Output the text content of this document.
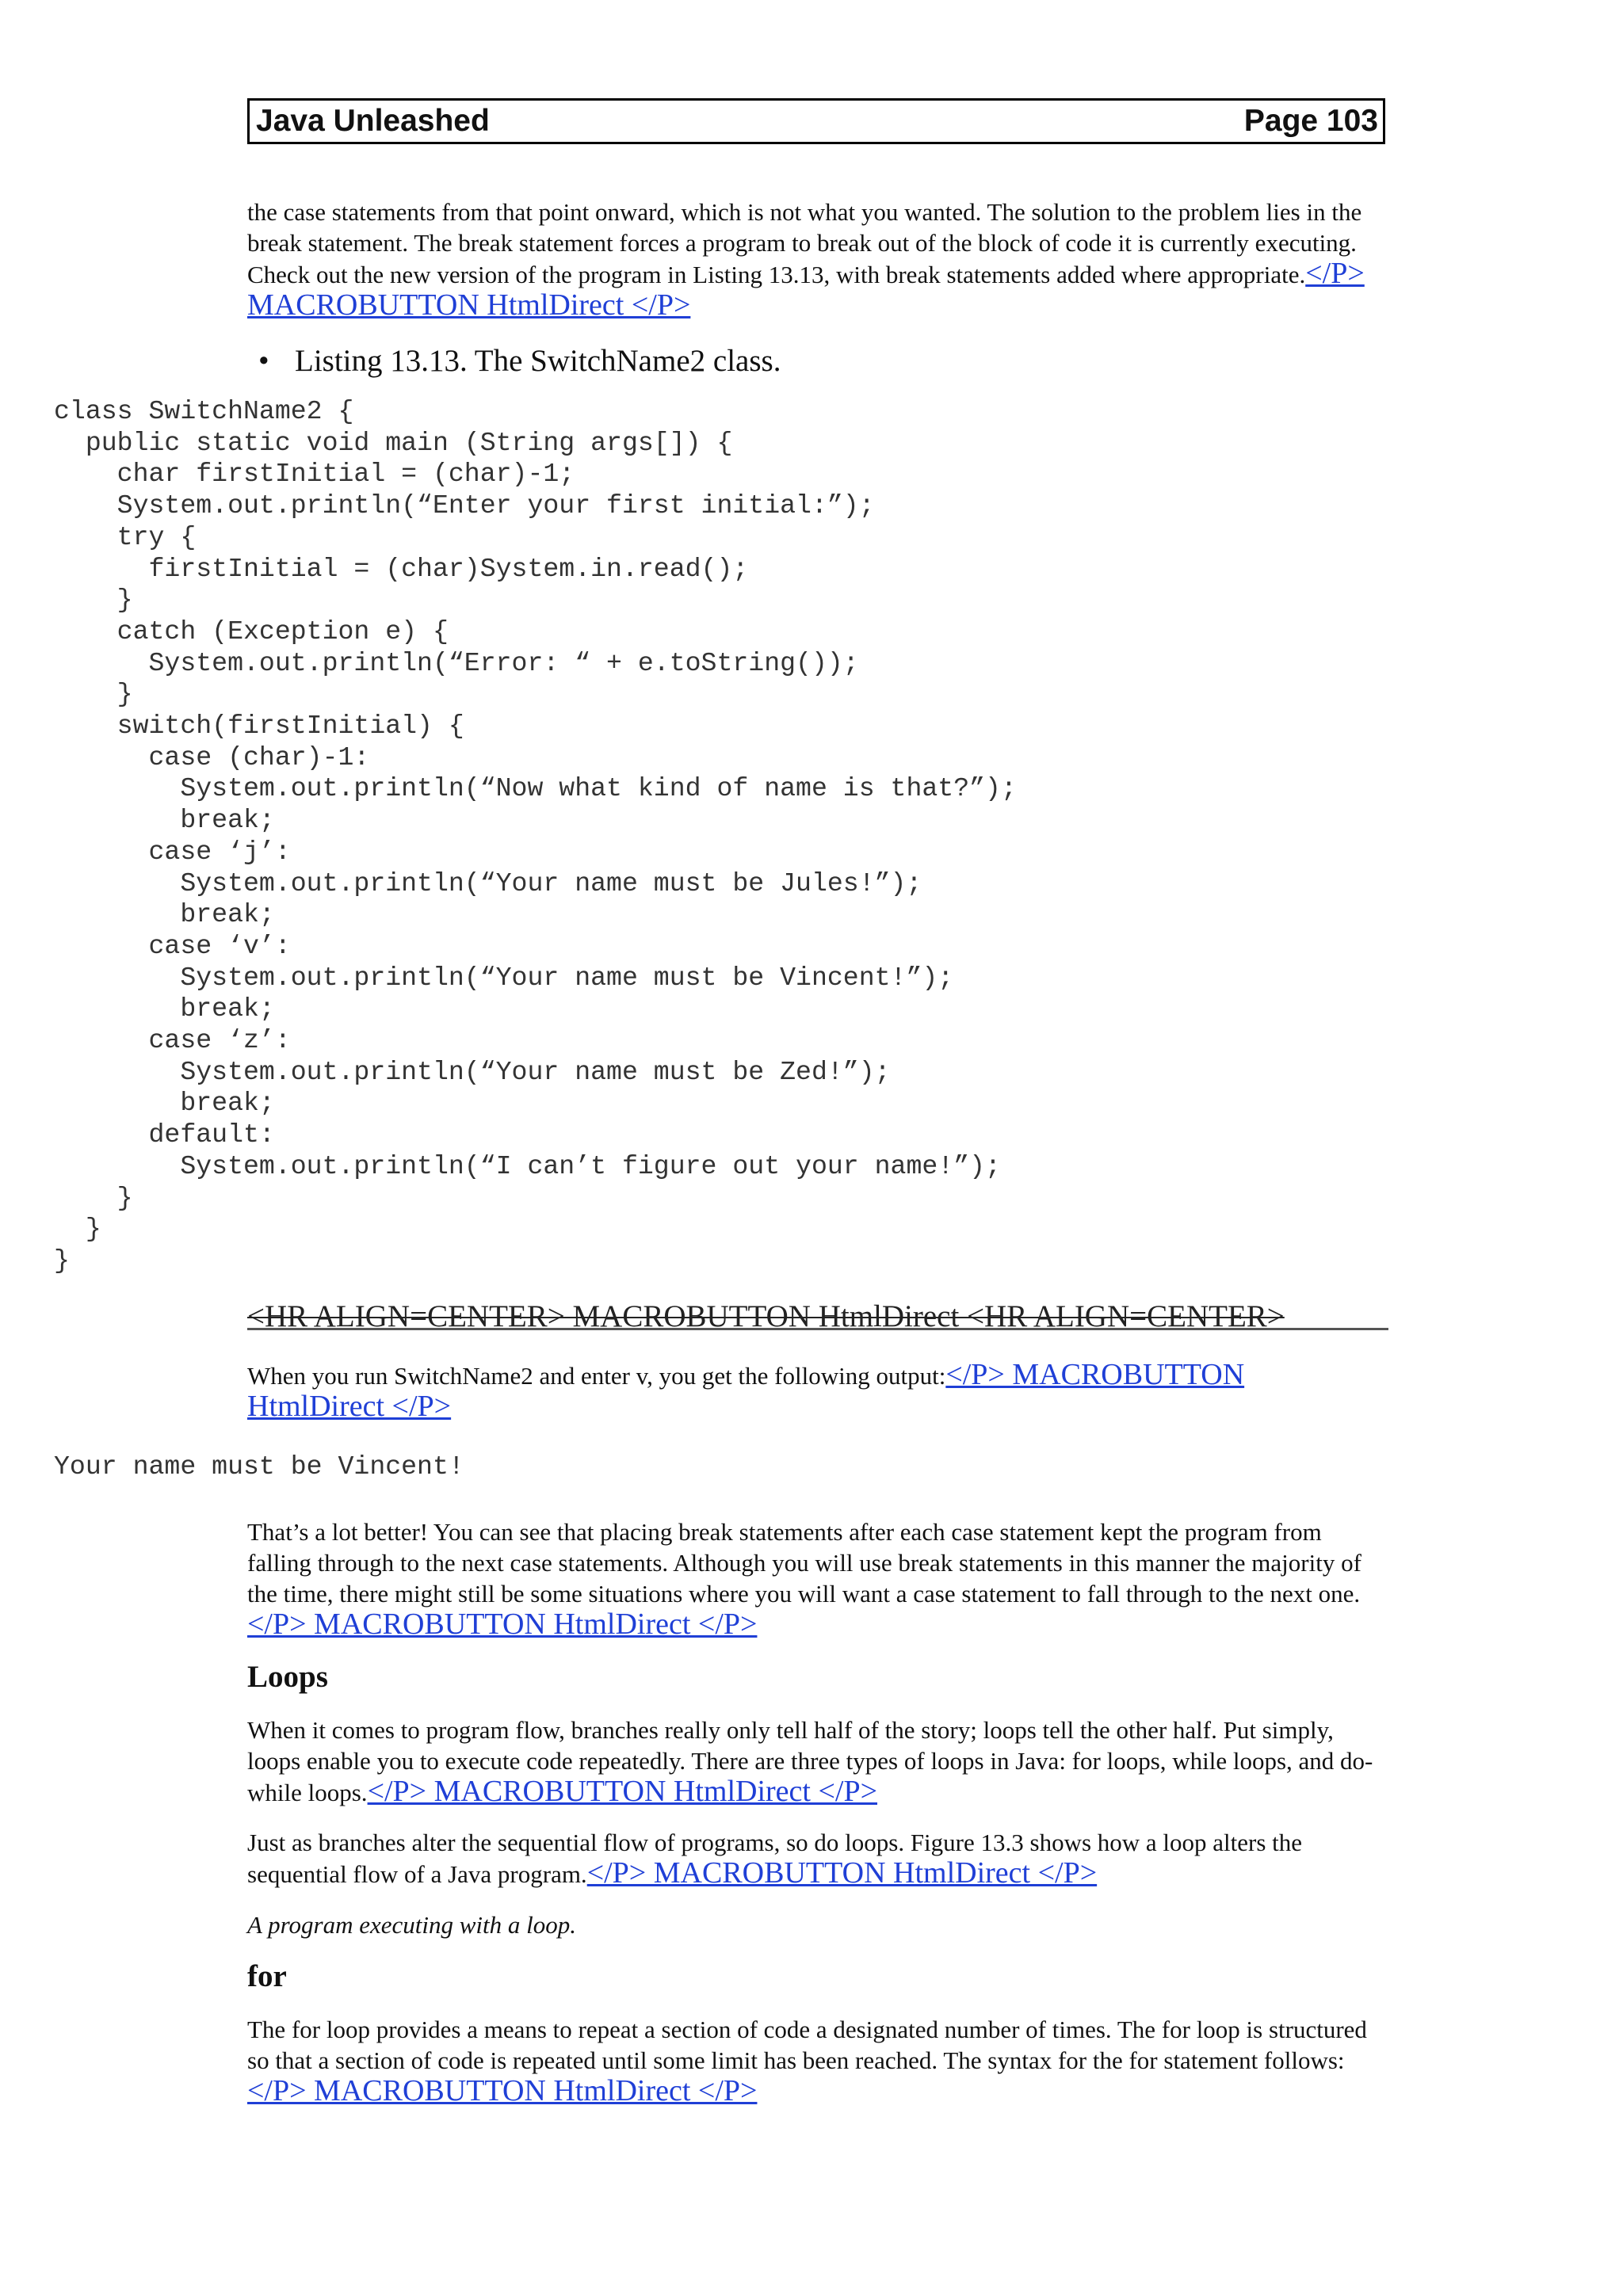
Java Unleashed	Page 103

the case statements from that point onward, which is not what you wanted. The solution to the problem lies in the break statement. The break statement forces a program to break out of the block of code it is currently executing. Check out the new version of the program in Listing 13.13, with break statements added where appropriate.</P> MACROBUTTON HtmlDirect </P>

• Listing 13.13. The SwitchName2 class.
class SwitchName2 {
public static void main (String args[]) {
char firstInitial = (char)-1;
System.out.println(“Enter your first initial:”);
try {
firstInitial = (char)System.in.read();
}
catch (Exception e) {
System.out.println(“Error: “ + e.toString());
}
switch(firstInitial) {
case (char)-1:
System.out.println(“Now what kind of name is that?”);
break;
case ‘j’:
System.out.println(“Your name must be Jules!”);
break;
case ‘v’:
System.out.println(“Your name must be Vincent!”);
break;
case ‘z’:
System.out.println(“Your name must be Zed!”);
break;
default:
System.out.println(“I can’t figure out your name!”);
}
}
}
<HR ALIGN=CENTER> MACROBUTTON HtmlDirect <HR ALIGN=CENTER>

When you run SwitchName2 and enter v, you get the following output:</P> MACROBUTTON HtmlDirect </P>

Your name must be Vincent!

That’s a lot better! You can see that placing break statements after each case statement kept the program from falling through to the next case statements. Although you will use break statements in this manner the majority of the time, there might still be some situations where you will want a case statement to fall through to the next one.</P> MACROBUTTON HtmlDirect </P>

Loops

When it comes to program flow, branches really only tell half of the story; loops tell the other half. Put simply, loops enable you to execute code repeatedly. There are three types of loops in Java: for loops, while loops, and do-while loops.</P> MACROBUTTON HtmlDirect </P>

Just as branches alter the sequential flow of programs, so do loops. Figure 13.3 shows how a loop alters the sequential flow of a Java program.</P> MACROBUTTON HtmlDirect </P>

A program executing with a loop.

for

The for loop provides a means to repeat a section of code a designated number of times. The for loop is structured so that a section of code is repeated until some limit has been reached. The syntax for the for statement follows:</P> MACROBUTTON HtmlDirect </P>
